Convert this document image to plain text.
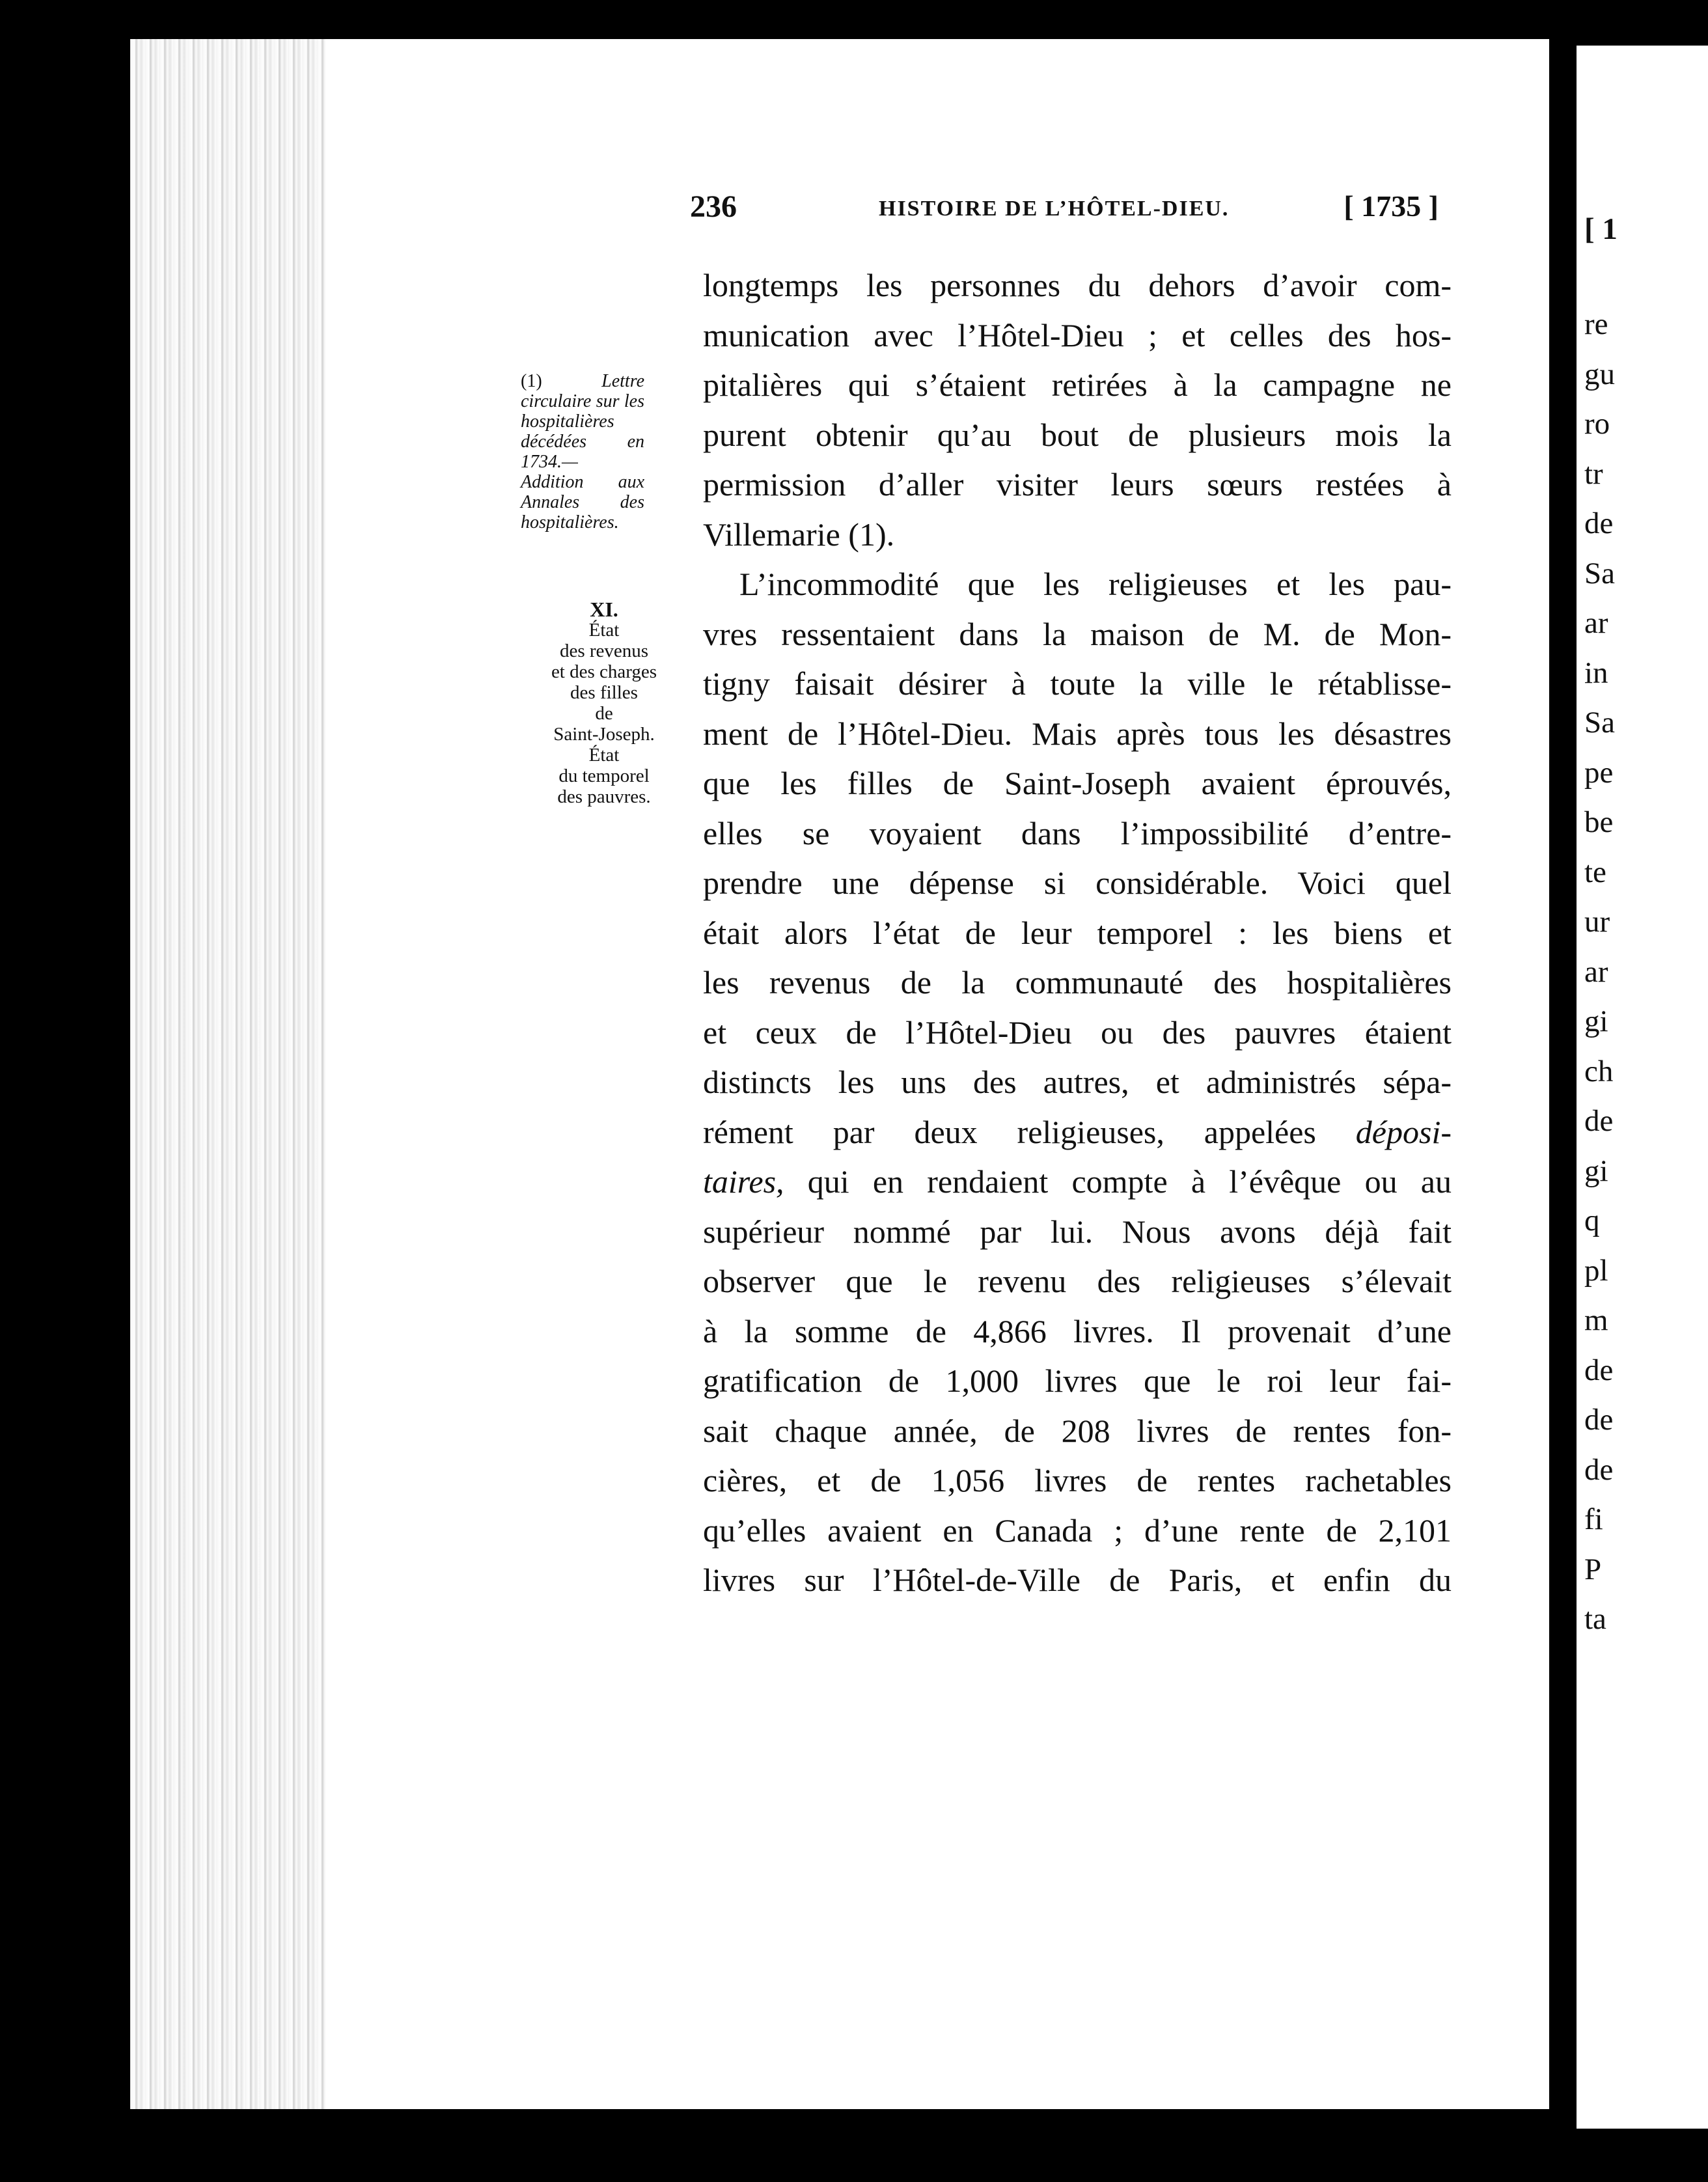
[ 1
re
gu
ro
tr
de
Sa
ar
in
Sa
pe
be
te
ur
ar
gi
ch
de
gi
q
pl
m
de
de
de
fi
P
ta
236	HISTOIRE DE L’HÔTEL-DIEU.	[ 1735 ]
(1)	Lettre circulaire sur les hospitalières décédées en 1734.— Addition aux Annales des hospitalières.
XI.
État
des revenus
et des charges
des filles
de
Saint-Joseph.
État
du temporel
des pauvres.
longtemps les personnes du dehors d’avoir com-
munication avec l’Hôtel-Dieu ; et celles des hos-
pitalières qui s’étaient retirées à la campagne ne
purent obtenir qu’au bout de plusieurs mois la
permission d’aller visiter leurs sœurs restées à
Villemarie (1).
L’incommodité que les religieuses et les pau-
vres ressentaient dans la maison de M. de Mon-
tigny faisait désirer à toute la ville le rétablisse-
ment de l’Hôtel-Dieu. Mais après tous les désastres
que les filles de Saint-Joseph avaient éprouvés,
elles se voyaient dans l’impossibilité d’entre-
prendre une dépense si considérable. Voici quel
était alors l’état de leur temporel : les biens et
les revenus de la communauté des hospitalières
et ceux de l’Hôtel-Dieu ou des pauvres étaient
distincts les uns des autres, et administrés sépa-
rément par deux religieuses, appelées déposi-
taires, qui en rendaient compte à l’évêque ou au
supérieur nommé par lui. Nous avons déjà fait
observer que le revenu des religieuses s’élevait
à la somme de 4,866 livres. Il provenait d’une
gratification de 1,000 livres que le roi leur fai-
sait chaque année, de 208 livres de rentes fon-
cières, et de 1,056 livres de rentes rachetables
qu’elles avaient en Canada ; d’une rente de 2,101
livres sur l’Hôtel-de-Ville de Paris, et enfin du
